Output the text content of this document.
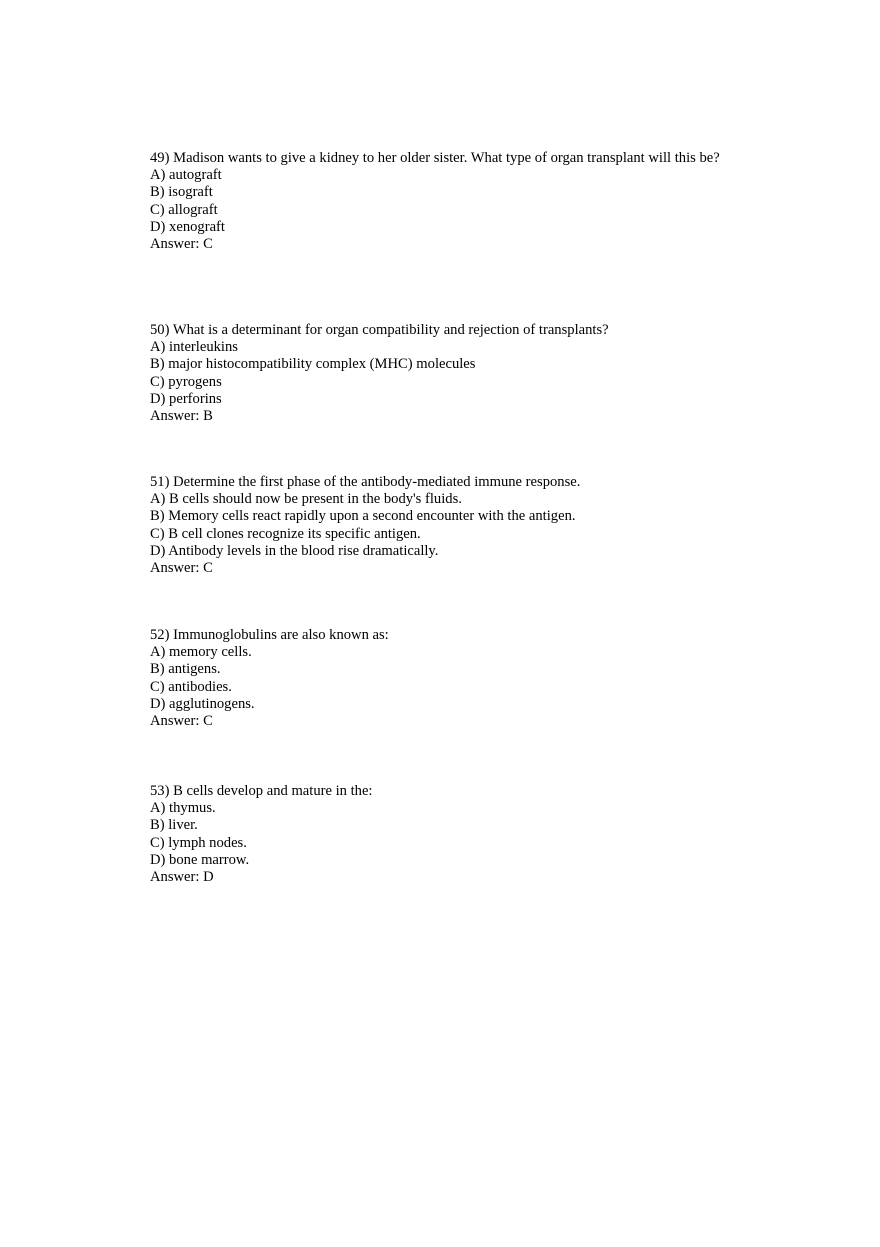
49) Madison wants to give a kidney to her older sister. What type of organ transplant will this be?
A) autograft
B) isograft
C) allograft
D) xenograft
Answer: C
50) What is a determinant for organ compatibility and rejection of transplants?
A) interleukins
B) major histocompatibility complex (MHC) molecules
C) pyrogens
D) perforins
Answer: B
51) Determine the first phase of the antibody-mediated immune response.
A) B cells should now be present in the body's fluids.
B) Memory cells react rapidly upon a second encounter with the antigen.
C) B cell clones recognize its specific antigen.
D) Antibody levels in the blood rise dramatically.
Answer: C
52) Immunoglobulins are also known as:
A) memory cells.
B) antigens.
C) antibodies.
D) agglutinogens.
Answer: C
53) B cells develop and mature in the:
A) thymus.
B) liver.
C) lymph nodes.
D) bone marrow.
Answer: D
